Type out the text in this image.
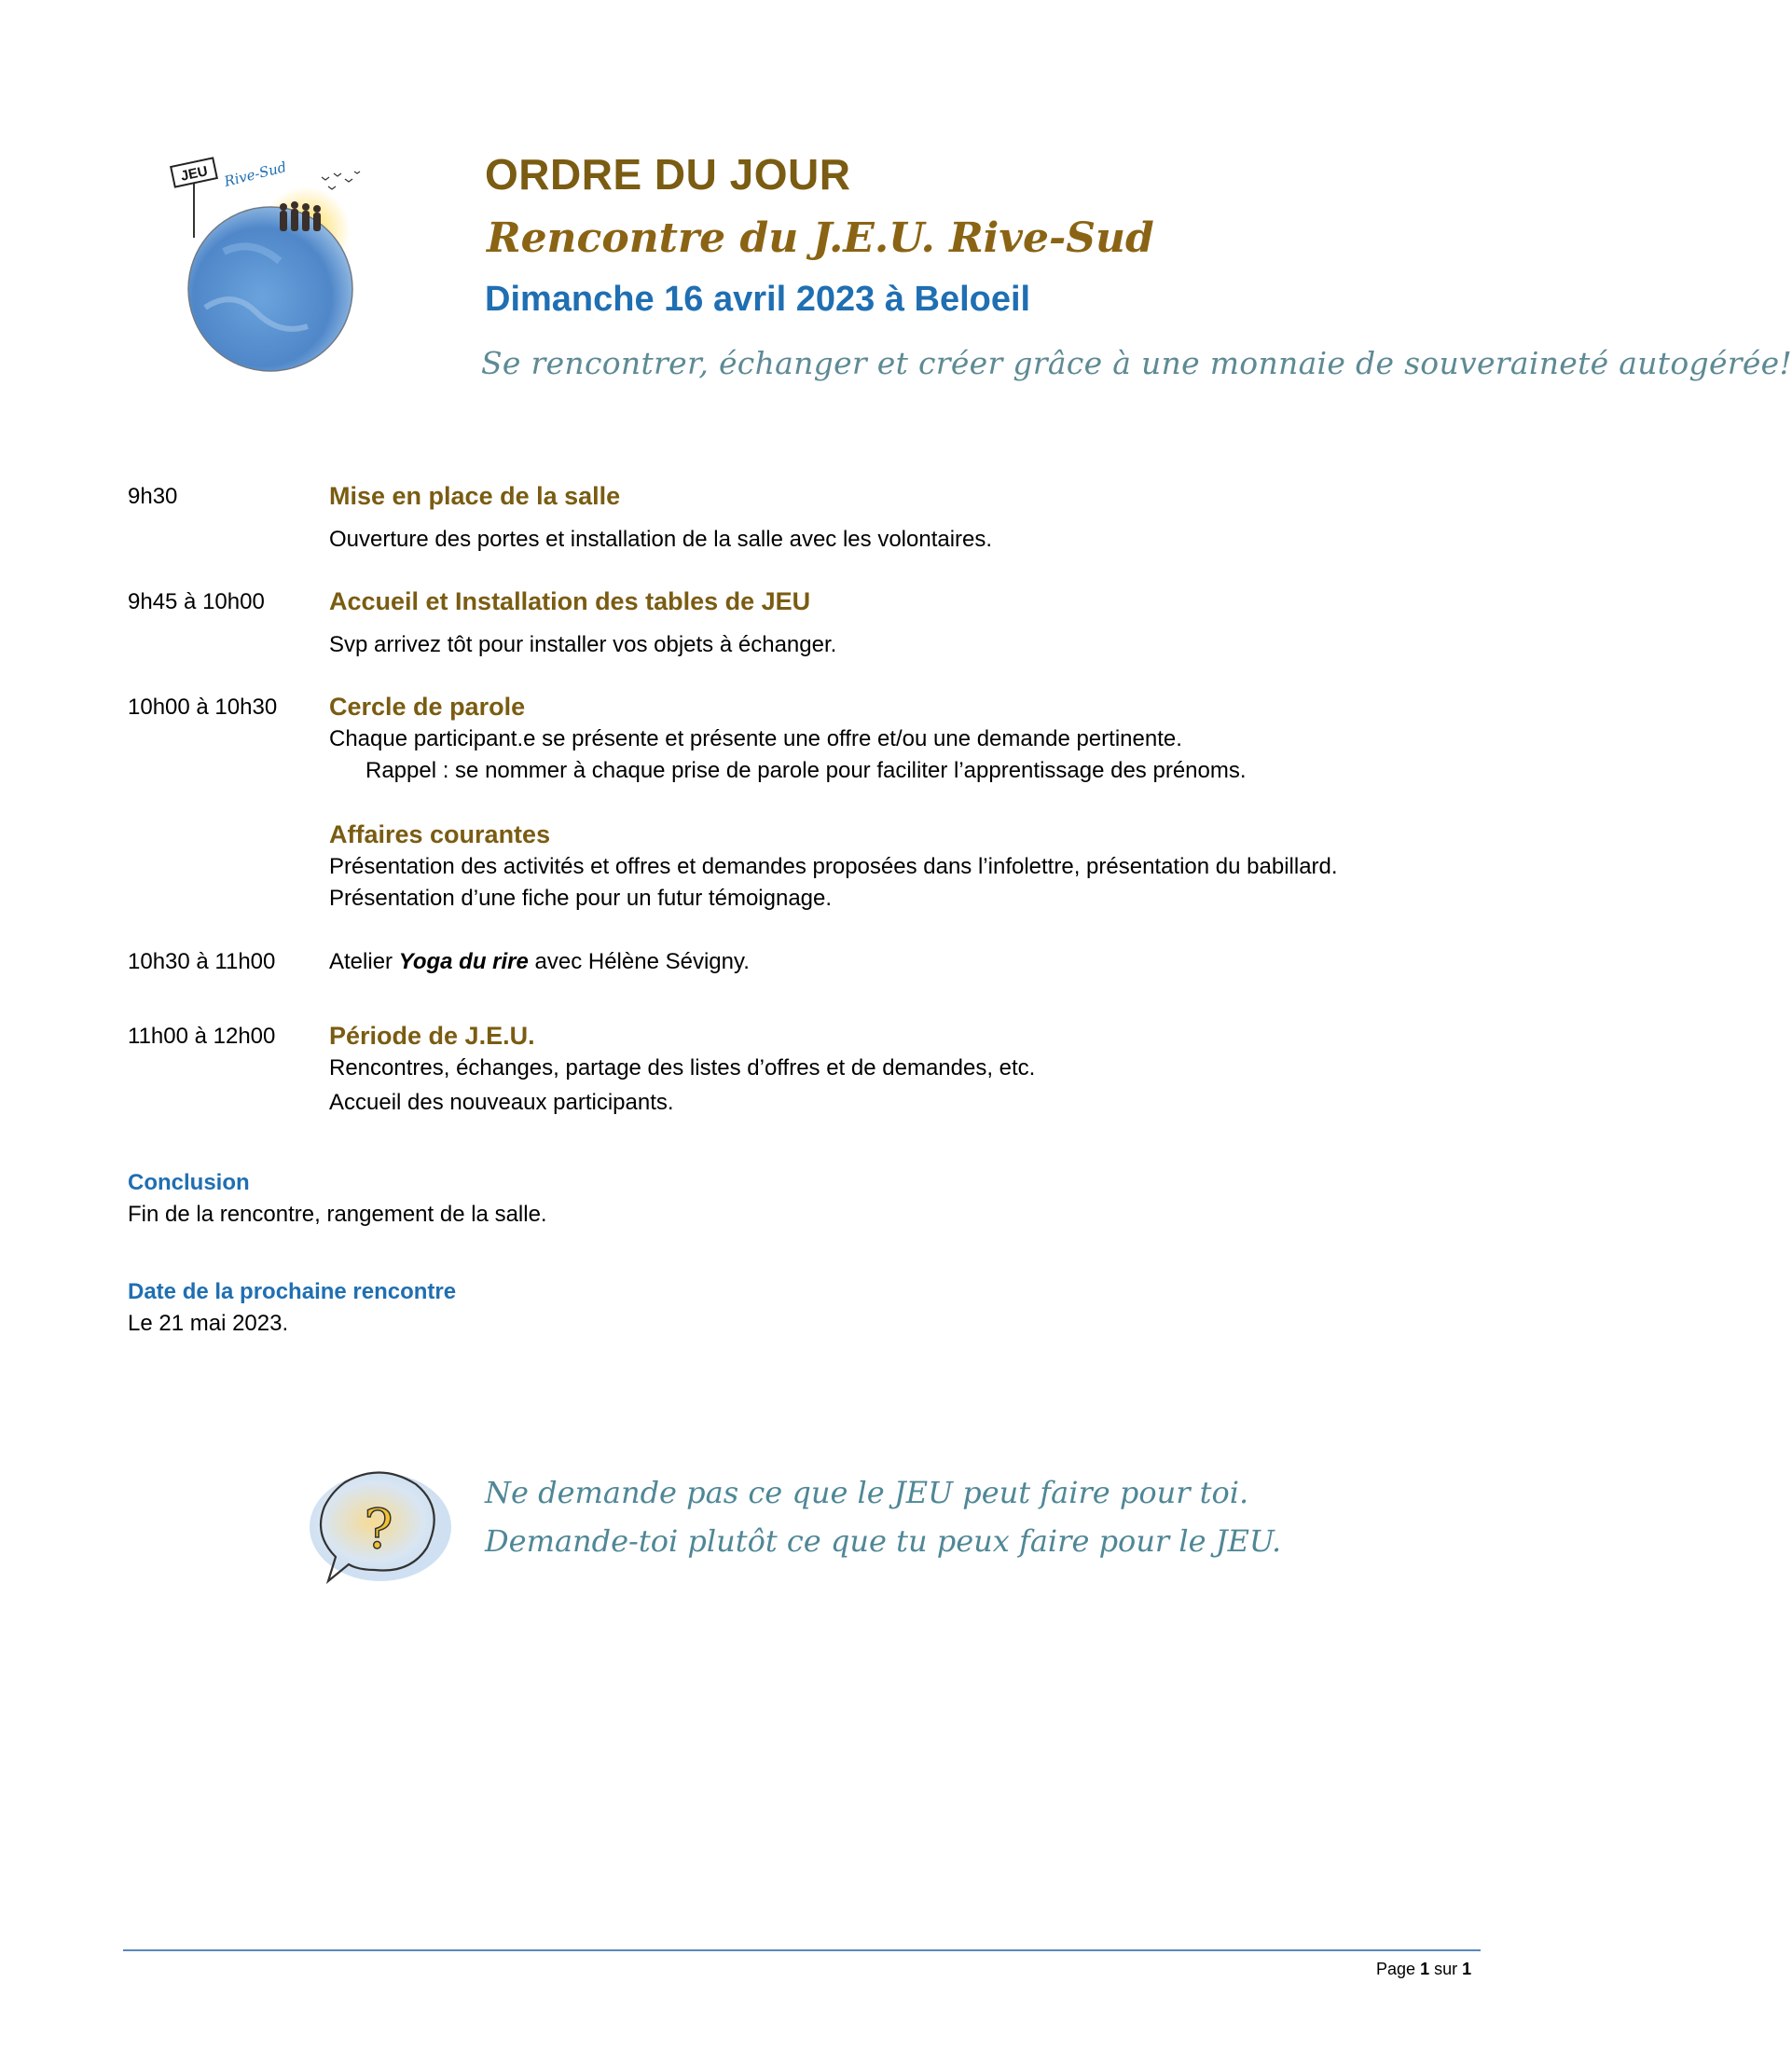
JEU Rive-Sud	ORDRE DU JOUR
Rencontre du J.E.U. Rive-Sud
Dimanche 16 avril 2023 à Beloeil
Se rencontrer, échanger et créer grâce à une monnaie de souveraineté autogérée!
9h30	Mise en place de la salle
Ouverture des portes et installation de la salle avec les volontaires.
9h45 à 10h00	Accueil et Installation des tables de JEU
Svp arrivez tôt pour installer vos objets à échanger.
10h00 à 10h30 Cercle de parole
Chaque participant.e se présente et présente une offre et/ou une demande pertinente.
Rappel : se nommer à chaque prise de parole pour faciliter l’apprentissage des prénoms.
Affaires courantes
Présentation des activités et offres et demandes proposées dans l’infolettre, présentation du babillard.
Présentation d’une fiche pour un futur témoignage.
10h30 à 11h00 Atelier Yoga du rire avec Hélène Sévigny.
11h00 à 12h00 Période de J.E.U.
Rencontres, échanges, partage des listes d’offres et de demandes, etc.
Accueil des nouveaux participants.
Conclusion
Fin de la rencontre, rangement de la salle.
Date de la prochaine rencontre
Le 21 mai 2023.
?
Ne demande pas ce que le JEU peut faire pour toi.
Demande-toi plutôt ce que tu peux faire pour le JEU.
Page 1 sur 1
